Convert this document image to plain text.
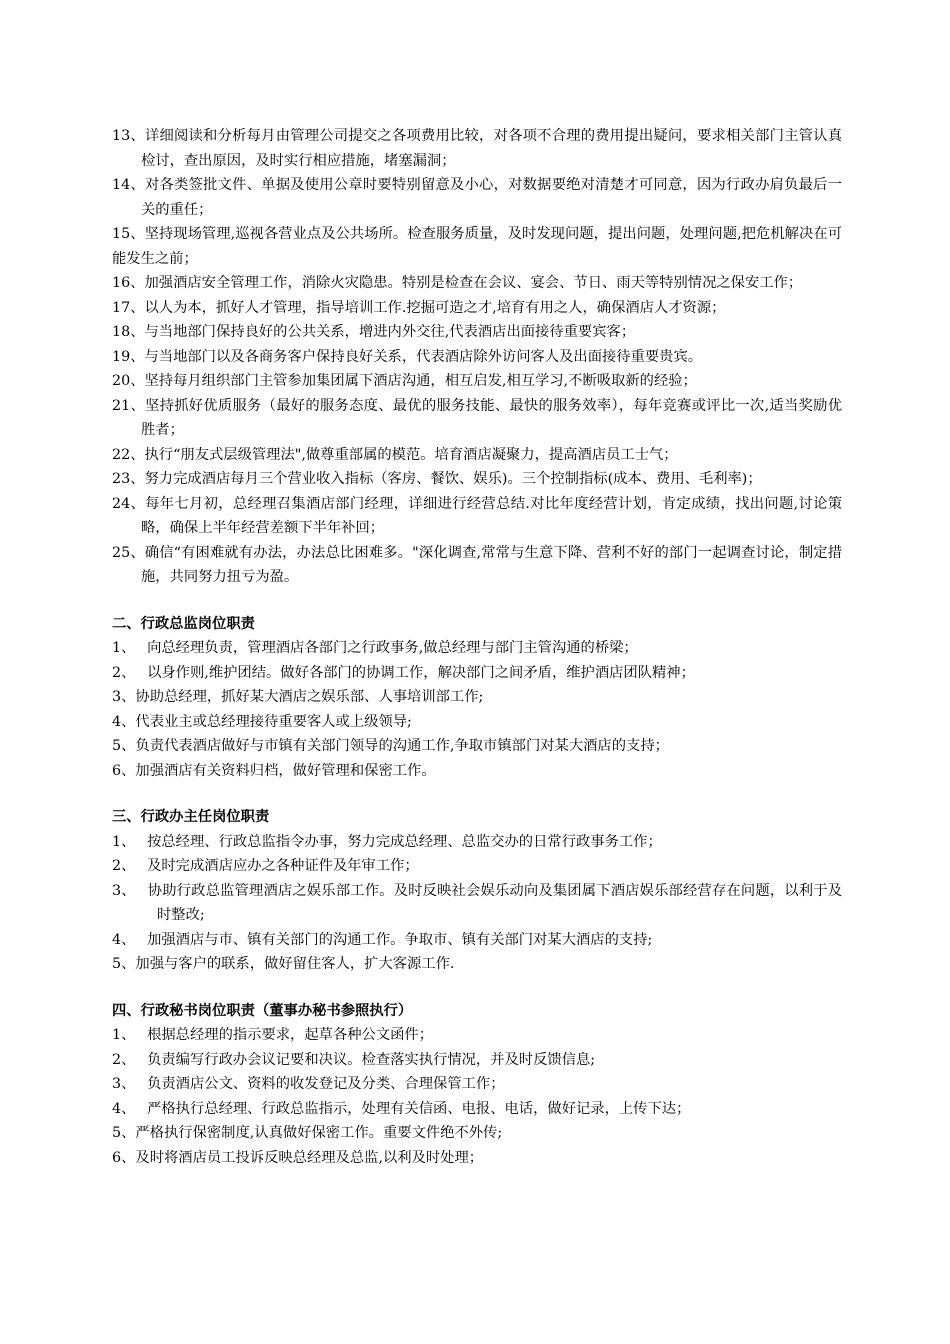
13、详细阅读和分析每月由管理公司提交之各项费用比较，对各项不合理的费用提出疑问，要求相关部门主管认真检讨，查出原因，及时实行相应措施，堵塞漏洞；

14、对各类签批文件、单据及使用公章时要特别留意及小心，对数据要绝对清楚才可同意，因为行政办肩负最后一关的重任；

15、坚持现场管理,巡视各营业点及公共场所。检查服务质量，及时发现问题，提出问题，处理问题,把危机解决在可能发生之前；

16、加强酒店安全管理工作，消除火灾隐患。特别是检查在会议、宴会、节日、雨天等特别情况之保安工作；

17、以人为本，抓好人才管理，指导培训工作.挖掘可造之才,培育有用之人，确保酒店人才资源；

18、与当地部门保持良好的公共关系，增进内外交往,代表酒店出面接待重要宾客；

19、与当地部门以及各商务客户保持良好关系，代表酒店除外访问客人及出面接待重要贵宾。

20、坚持每月组织部门主管参加集团属下酒店沟通，相互启发,相互学习,不断吸取新的经验；

21、坚持抓好优质服务（最好的服务态度、最优的服务技能、最快的服务效率），每年竞赛或评比一次,适当奖励优胜者；

22、执行“朋友式层级管理法",做尊重部属的模范。培育酒店凝聚力，提高酒店员工士气；

23、努力完成酒店每月三个营业收入指标（客房、餐饮、娱乐)。三个控制指标(成本、费用、毛利率)；

24、每年七月初，总经理召集酒店部门经理，详细进行经营总结.对比年度经营计划，肯定成绩，找出问题,讨论策略，确保上半年经营差额下半年补回；

25、确信“有困难就有办法，办法总比困难多。"深化调查,常常与生意下降、营利不好的部门一起调查讨论，制定措施，共同努力扭亏为盈。

二、行政总监岗位职责

1、　 向总经理负责，管理酒店各部门之行政事务,做总经理与部门主管沟通的桥梁；

2、　 以身作则,维护团结。做好各部门的协调工作，解决部门之间矛盾，维护酒店团队精神；

3、协助总经理，抓好某大酒店之娱乐部、人事培训部工作;

4、代表业主或总经理接待重要客人或上级领导;

5、负责代表酒店做好与市镇有关部门领导的沟通工作,争取市镇部门对某大酒店的支持；

6、加强酒店有关资料归档，做好管理和保密工作。

三、行政办主任岗位职责

1、　 按总经理、行政总监指令办事，努力完成总经理、总监交办的日常行政事务工作；

2、　 及时完成酒店应办之各种证件及年审工作；

3、　 协助行政总监管理酒店之娱乐部工作。及时反映社会娱乐动向及集团属下酒店娱乐部经营存在问题，以利于及时整改;

4、　 加强酒店与市、镇有关部门的沟通工作。争取市、镇有关部门对某大酒店的支持;

5、加强与客户的联系，做好留住客人，扩大客源工作.

四、行政秘书岗位职责（董事办秘书参照执行）

1、　 根据总经理的指示要求，起草各种公文函件；

2、　 负责编写行政办会议记要和决议。检查落实执行情况，并及时反馈信息;

3、　 负责酒店公文、资料的收发登记及分类、合理保管工作；

4、　 严格执行总经理、行政总监指示，处理有关信函、电报、电话，做好记录，上传下达；

5、严格执行保密制度,认真做好保密工作。重要文件绝不外传;

6、及时将酒店员工投诉反映总经理及总监,以利及时处理；
